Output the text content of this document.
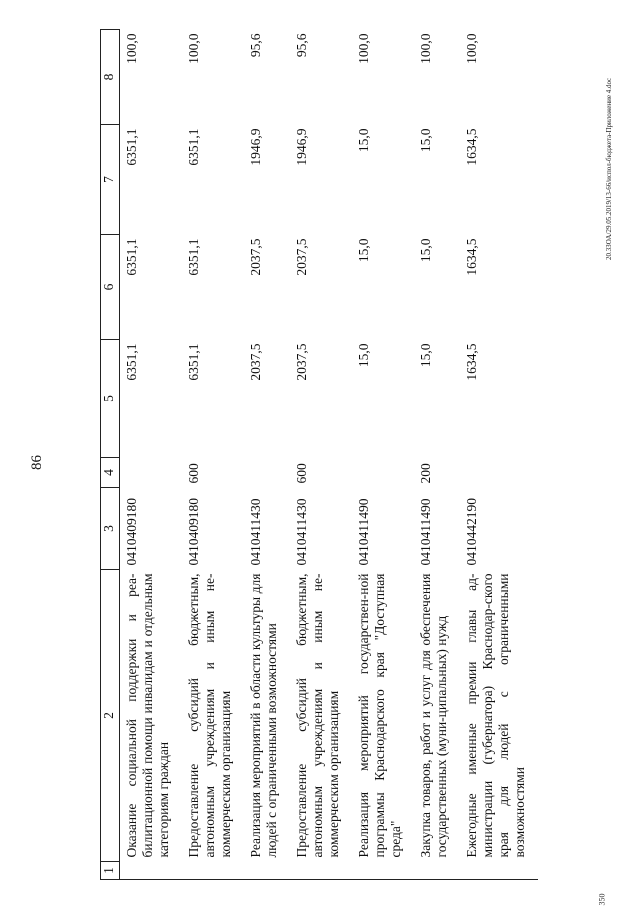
86
1	2	3	4	5	6	7	8
	Оказание социальной поддержки и реа-билитационной помощи инвалидам и отдельным категориям граждан	0410409180		6351,1	6351,1	6351,1	100,0
	Предоставление субсидий бюджетным, автономным учреждениям и иным не-коммерческим организациям	0410409180	600	6351,1	6351,1	6351,1	100,0
	Реализация мероприятий в области культуры для людей с ограниченными возможностями	0410411430		2037,5	2037,5	1946,9	95,6
	Предоставление субсидий бюджетным, автономным учреждениям и иным не-коммерческим организациям	0410411430	600	2037,5	2037,5	1946,9	95,6
	Реализация мероприятий государствен-ной программы Краснодарского края "Доступная среда"	0410411490		15,0	15,0	15,0	100,0
	Закупка товаров, работ и услуг для обеспечения государственных (муни-ципальных) нужд	0410411490	200	15,0	15,0	15,0	100,0
	Ежегодные именные премии главы ад-министрации (губернатора) Краснодар-ского края для людей с ограниченными возможностями	0410442190		1634,5	1634,5	1634,5	100,0
20.3ЗОА/29.05.2019/13-66/испол-бюджета-Приложение 4.doc
350
